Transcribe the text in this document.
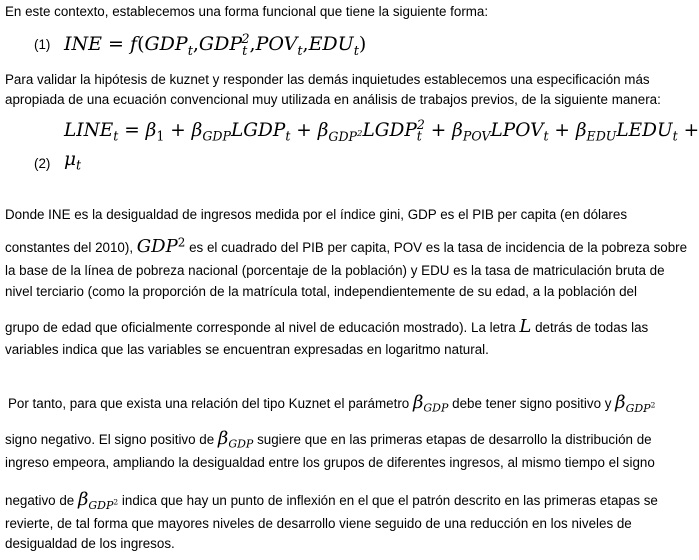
En este contexto, establecemos una forma funcional que tiene la siguiente forma:
(1) INE = $f(GDP_t,GDP_t^2,POV_t,EDU_t)$
Para validar la hipótesis de kuznet y responder las demás inquietudes establecemos una especificación más
apropiada de una ecuación convencional muy utilizada en análisis de trabajos previos, de la siguiente manera:
$LINE_t = \beta_1$ + $\beta_{GDP}LGDP_t$ + $\beta_{GDP^2}LGDP_t^2$ + $\beta_{POV}LPOV_t$ + $\beta_{EDU}LEDU_t$ +
(2) $\mu_t$
Donde INE es la desigualdad de ingresos medida por el índice gini, GDP es el PIB per capita (en dólares
constantes del 2010), GDP$^2$ es el cuadrado del PIB per capita, POV es la tasa de incidencia de la pobreza sobre
la base de la línea de pobreza nacional (porcentaje de la población) y EDU es la tasa de matriculación bruta de
nivel terciario (como la proporción de la matrícula total, independientemente de su edad, a la población del
grupo de edad que oficialmente corresponde al nivel de educación mostrado). La letra L detrás de todas las
variables indica que las variables se encuentran expresadas en logaritmo natural.
Por tanto, para que exista una relación del tipo Kuznet el parámetro $\beta_{GDP}$ debe tener signo positivo y $\beta_{GDP^2}$
signo negativo. El signo positivo de $\beta_{GDP}$ sugiere que en las primeras etapas de desarrollo la distribución de
ingreso empeora, ampliando la desigualdad entre los grupos de diferentes ingresos, al mismo tiempo el signo
negativo de $\beta_{GDP^2}$ indica que hay un punto de inflexión en el que el patrón descrito en las primeras etapas se
revierte, de tal forma que mayores niveles de desarrollo viene seguido de una reducción en los niveles de
desigualdad de los ingresos.
